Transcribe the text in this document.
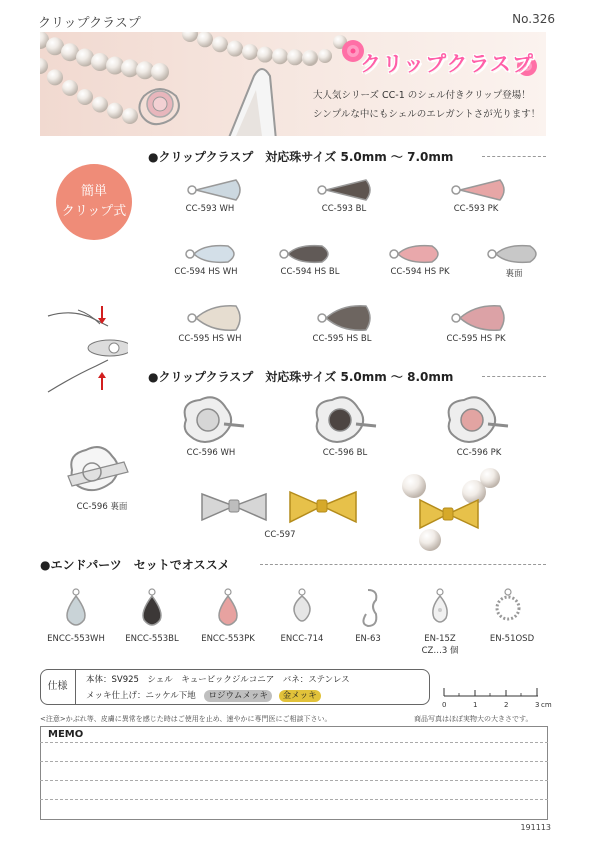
クリップクラスプ	No.326
クリップクラスプ
大人気シリーズ CC-1 のシェル付きクリップ登場！
シンプルな中にもシェルのエレガントさが光ります！
●クリップクラスプ　対応珠サイズ 5.0mm 〜 7.0mm
簡単
クリップ式	CC-593 WH	CC-593 BL	CC-593 PK
CC-594 HS WH	CC-594 HS BL	CC-594 HS PK	裏面
CC-595 HS WH	CC-595 HS BL	CC-595 HS PK
●クリップクラスプ　対応珠サイズ 5.0mm 〜 8.0mm
CC-596 WH	CC-596 BL	CC-596 PK
CC-596 裏面
CC-597
●エンドパーツ　セットでオススメ
ENCC-553WH	ENCC-553BL	ENCC-553PK	ENCC-714	EN-63	EN-15Z
CZ…3 個
EN-51OSD
仕様
本体：SV925　シェル　キュービックジルコニア　バネ：ステンレス
メッキ仕上げ：ニッケル下地 ロジウムメッキ 金メッキ
0	1	2	3 cm
<注意>かぶれ等、皮膚に異常を感じた時はご使用を止め、速やかに専門医にご相談下さい。	商品写真はほぼ実物大の大きさです。
MEMO
191113
